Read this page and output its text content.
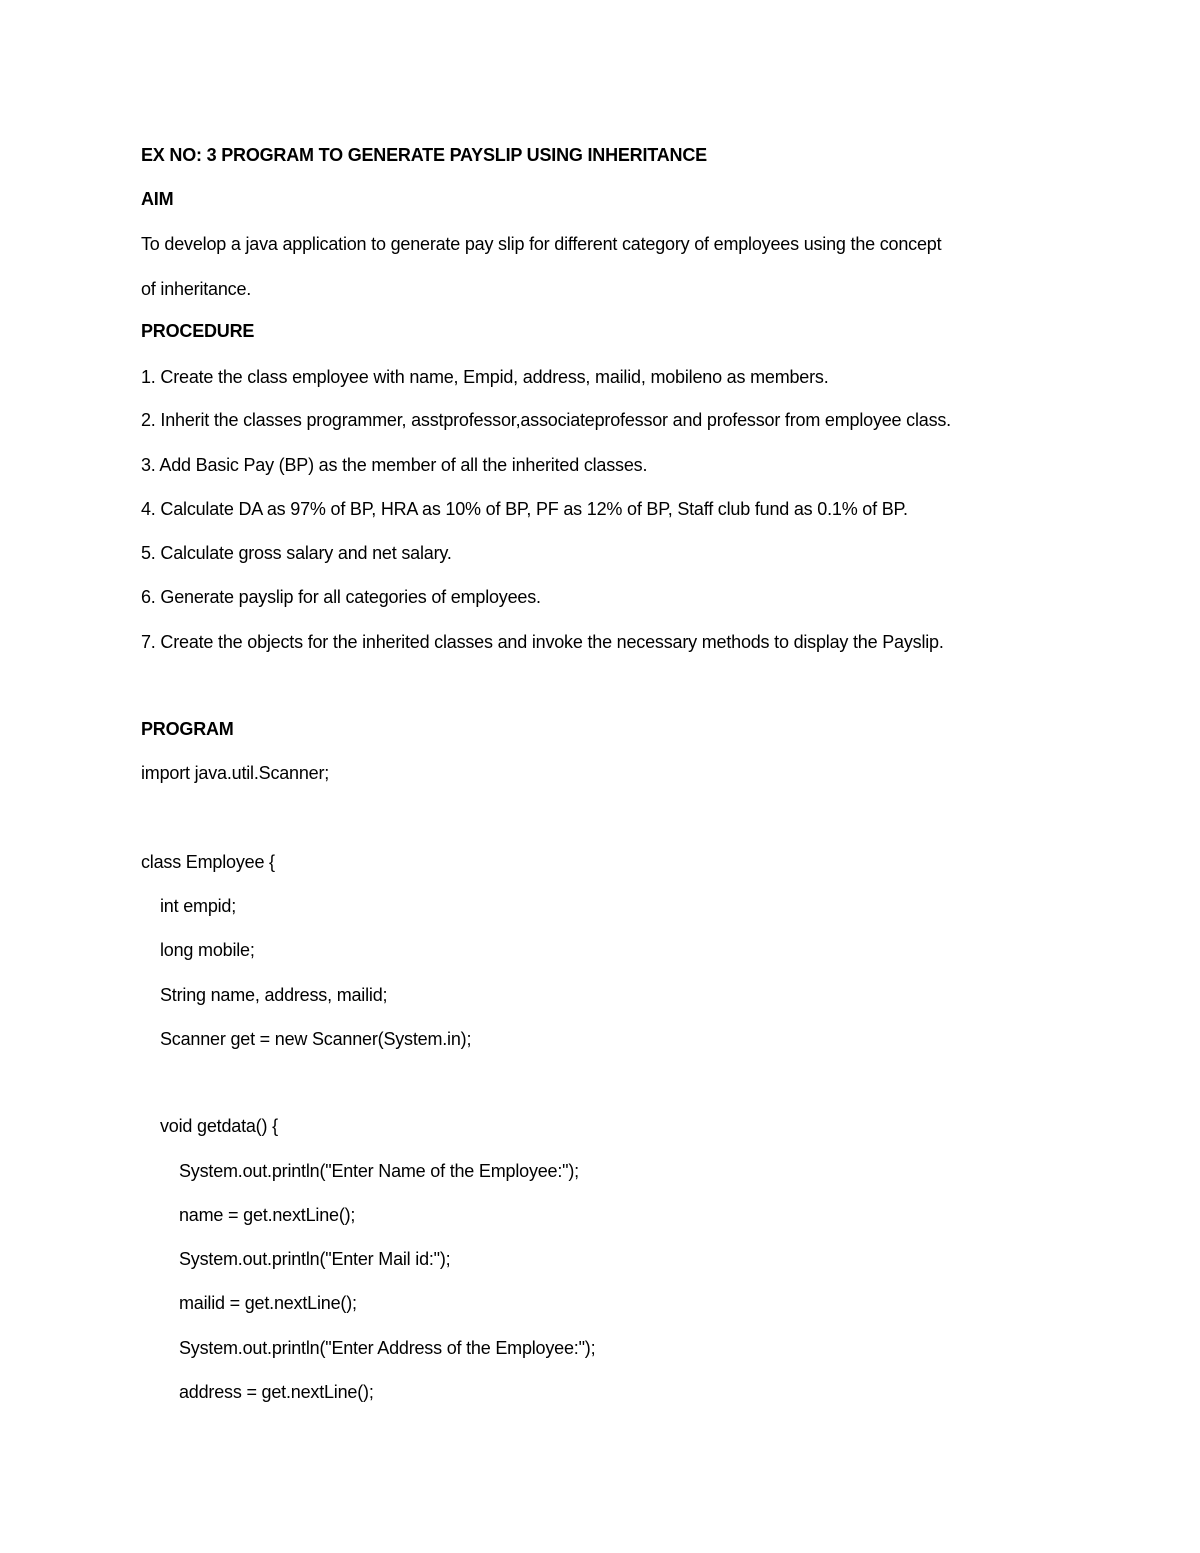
EX NO: 3 PROGRAM TO GENERATE PAYSLIP USING INHERITANCE
AIM
To develop a java application to generate pay slip for different category of employees using the concept
of inheritance.
PROCEDURE
1. Create the class employee with name, Empid, address, mailid, mobileno as members.
2. Inherit the classes programmer, asstprofessor,associateprofessor and professor from employee class.
3. Add Basic Pay (BP) as the member of all the inherited classes.
4. Calculate DA as 97% of BP, HRA as 10% of BP, PF as 12% of BP, Staff club fund as 0.1% of BP.
5. Calculate gross salary and net salary.
6. Generate payslip for all categories of employees.
7. Create the objects for the inherited classes and invoke the necessary methods to display the Payslip.
PROGRAM
import java.util.Scanner;
class Employee {
int empid;
long mobile;
String name, address, mailid;
Scanner get = new Scanner(System.in);
void getdata() {
System.out.println("Enter Name of the Employee:");
name = get.nextLine();
System.out.println("Enter Mail id:");
mailid = get.nextLine();
System.out.println("Enter Address of the Employee:");
address = get.nextLine();
